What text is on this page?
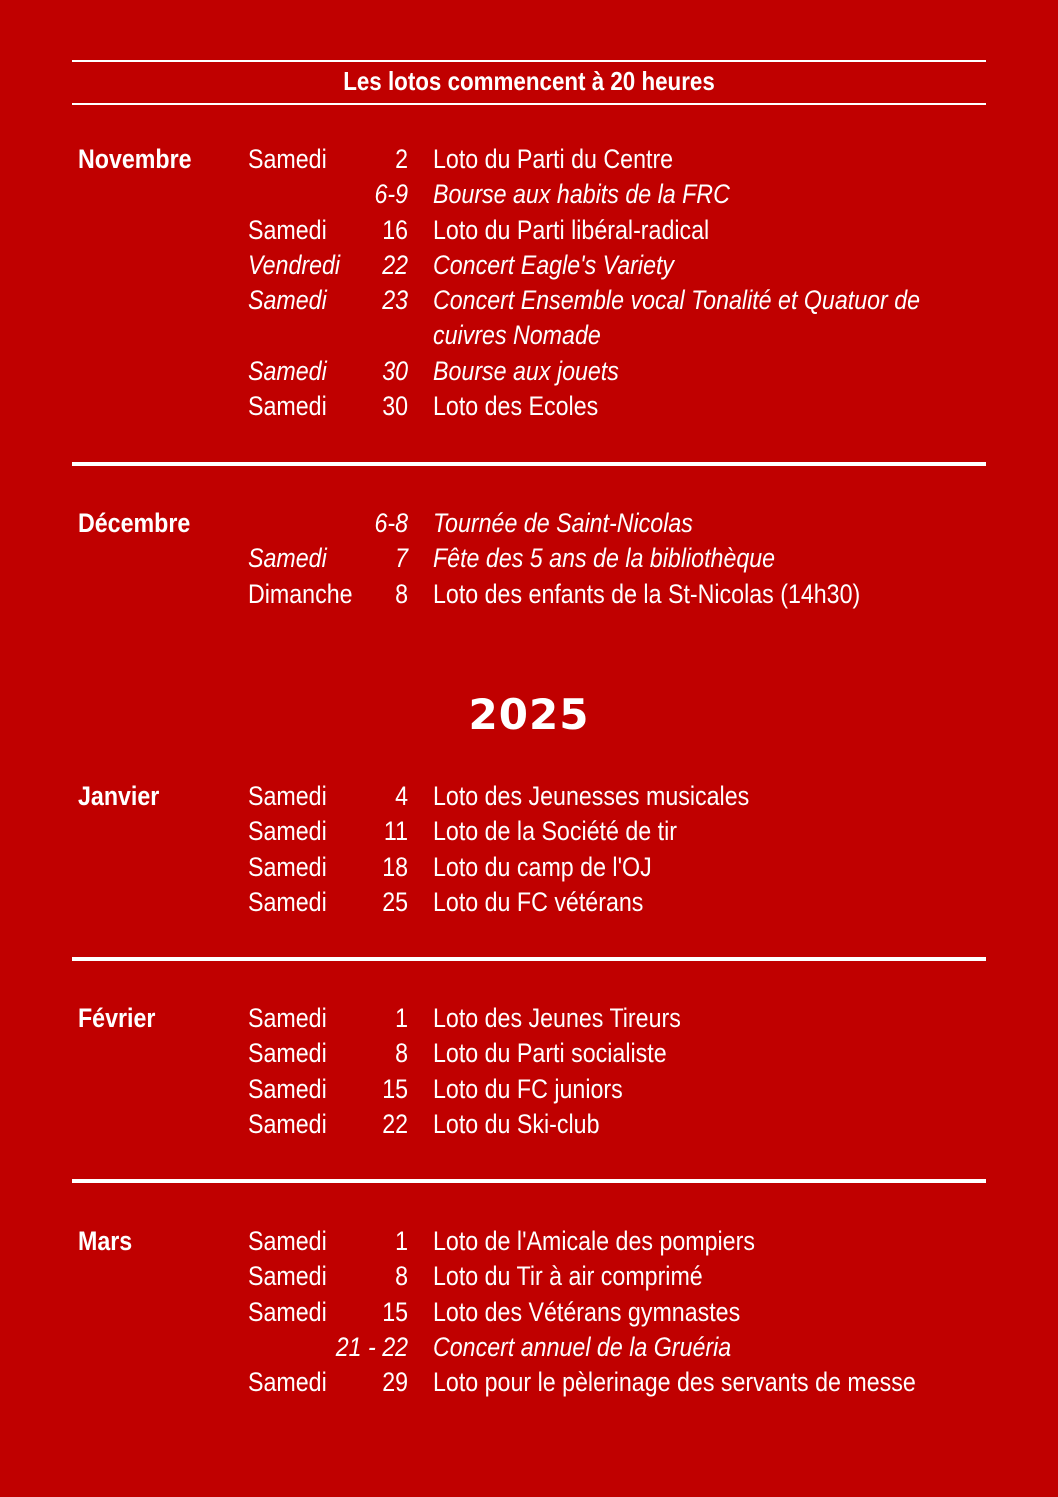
Les lotos commencent à 20 heures
Novembre Samedi	2 Loto du Parti du Centre
6-9 Bourse aux habits de la FRC
Samedi 16 Loto du Parti libéral-radical
Vendredi 22 Concert Eagle's Variety
Samedi 23 Concert Ensemble vocal Tonalité et Quatuor de cuivres Nomade
Samedi 30 Bourse aux jouets
Samedi 30 Loto des Ecoles
Décembre	6-8 Tournée de Saint-Nicolas
Samedi	7 Fête des 5 ans de la bibliothèque
Dimanche 8 Loto des enfants de la St-Nicolas (14h30)
2025
Janvier	Samedi	4 Loto des Jeunesses musicales
Samedi 11 Loto de la Société de tir
Samedi 18 Loto du camp de l'OJ
Samedi 25 Loto du FC vétérans
Février	Samedi	1 Loto des Jeunes Tireurs
Samedi	8 Loto du Parti socialiste
Samedi 15 Loto du FC juniors
Samedi 22 Loto du Ski-club
Mars	Samedi	1 Loto de l'Amicale des pompiers
Samedi	8 Loto du Tir à air comprimé
Samedi 15 Loto des Vétérans gymnastes
21 - 22 Concert annuel de la Gruéria
Samedi 29 Loto pour le pèlerinage des servants de messe
